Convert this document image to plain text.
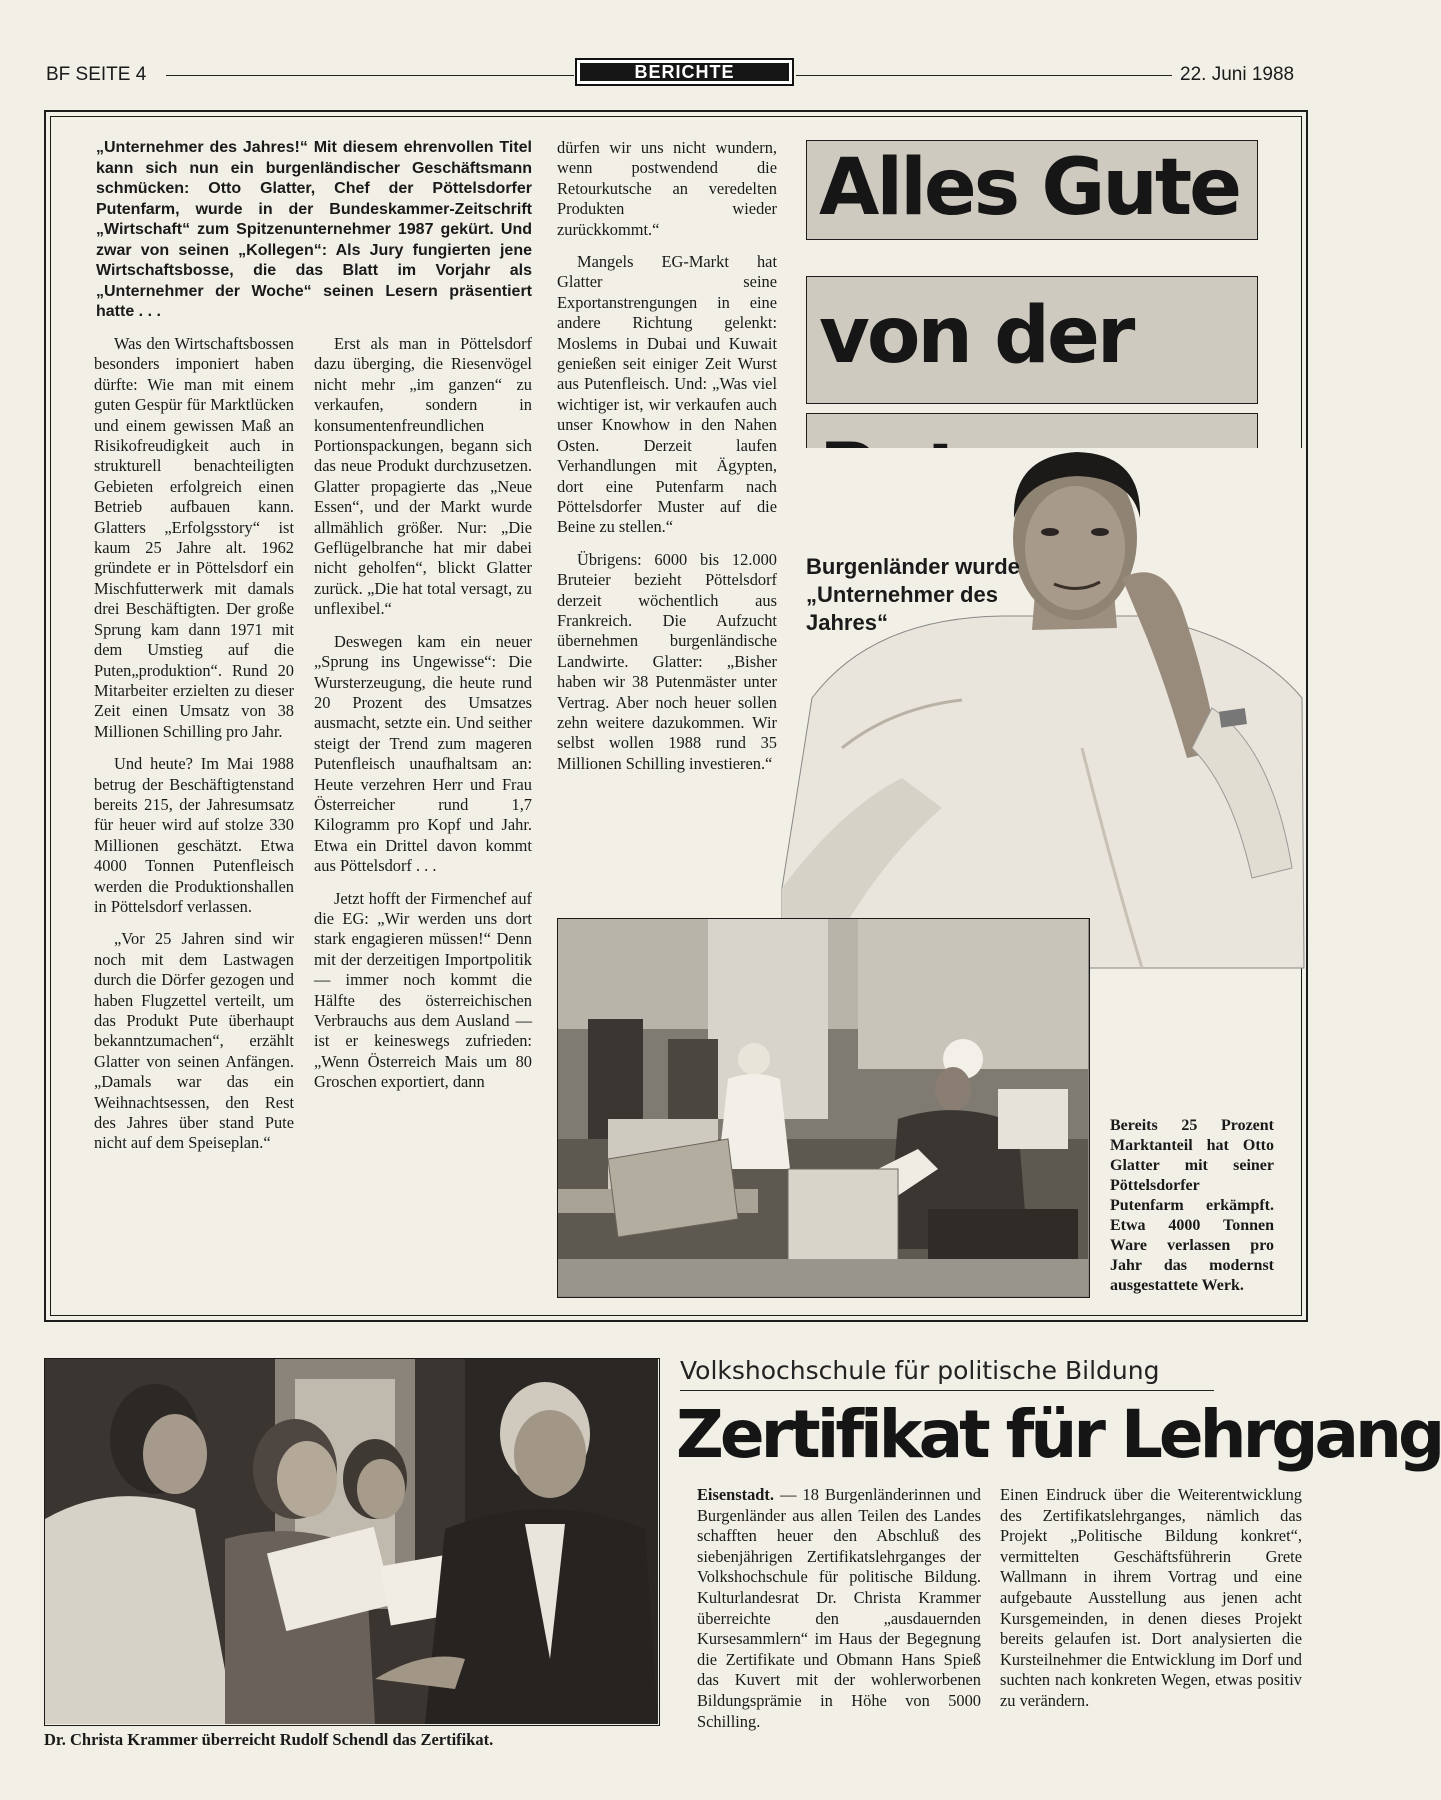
BF SEITE 4	BERICHTE	22. Juni 1988

„Unternehmer des Jahres!“ Mit diesem ehrenvollen Titel kann sich nun ein burgenländischer Geschäftsmann schmücken: Otto Glatter, Chef der Pöttelsdorfer Putenfarm, wurde in der Bundeskammer-Zeitschrift „Wirtschaft“ zum Spitzenunternehmer 1987 gekürt. Und zwar von seinen „Kollegen“: Als Jury fungierten jene Wirtschaftsbosse, die das Blatt im Vorjahr als „Unternehmer der Woche“ seinen Lesern präsentiert hatte . . .

Was den Wirtschaftsbossen besonders imponiert haben dürfte: Wie man mit einem guten Gespür für Marktlücken und einem gewissen Maß an Risikofreudigkeit auch in strukturell benachteiligten Gebieten erfolgreich einen Betrieb aufbauen kann. Glatters „Erfolgsstory“ ist kaum 25 Jahre alt. 1962 gründete er in Pöttelsdorf ein Mischfutterwerk mit damals drei Beschäftigten. Der große Sprung kam dann 1971 mit dem Umstieg auf die Puten„produktion“. Rund 20 Mitarbeiter erzielten zu dieser Zeit einen Umsatz von 38 Millionen Schilling pro Jahr.

Und heute? Im Mai 1988 betrug der Beschäftigtenstand bereits 215, der Jahresumsatz für heuer wird auf stolze 330 Millionen geschätzt. Etwa 4000 Tonnen Putenfleisch werden die Produktionshallen in Pöttelsdorf verlassen.

„Vor 25 Jahren sind wir noch mit dem Lastwagen durch die Dörfer gezogen und haben Flugzettel verteilt, um das Produkt Pute überhaupt bekanntzumachen“, erzählt Glatter von seinen Anfängen. „Damals war das ein Weihnachtsessen, den Rest des Jahres über stand Pute nicht auf dem Speiseplan.“

Erst als man in Pöttelsdorf dazu überging, die Riesenvögel nicht mehr „im ganzen“ zu verkaufen, sondern in konsumentenfreundlichen Portionspackungen, begann sich das neue Produkt durchzusetzen. Glatter propagierte das „Neue Essen“, und der Markt wurde allmählich größer. Nur: „Die Geflügelbranche hat mir dabei nicht geholfen“, blickt Glatter zurück. „Die hat total versagt, zu unflexibel.“

Deswegen kam ein neuer „Sprung ins Ungewisse“: Die Wursterzeugung, die heute rund 20 Prozent des Umsatzes ausmacht, setzte ein. Und seither steigt der Trend zum mageren Putenfleisch unaufhaltsam an: Heute verzehren Herr und Frau Österreicher rund 1,7 Kilogramm pro Kopf und Jahr. Etwa ein Drittel davon kommt aus Pöttelsdorf . . .

Jetzt hofft der Firmenchef auf die EG: „Wir werden uns dort stark engagieren müssen!“ Denn mit der derzeitigen Importpolitik — immer noch kommt die Hälfte des österreichischen Verbrauchs aus dem Ausland — ist er keineswegs zufrieden: „Wenn Österreich Mais um 80 Groschen exportiert, dann

dürfen wir uns nicht wundern, wenn postwendend die Retourkutsche an veredelten Produkten wieder zurückkommt.“

Mangels EG-Markt hat Glatter seine Exportanstrengungen in eine andere Richtung gelenkt: Moslems in Dubai und Kuwait genießen seit einiger Zeit Wurst aus Putenfleisch. Und: „Was viel wichtiger ist, wir verkaufen auch unser Knowhow in den Nahen Osten. Derzeit laufen Verhandlungen mit Ägypten, dort eine Putenfarm nach Pöttelsdorfer Muster auf die Beine zu stellen.“

Übrigens: 6000 bis 12.000 Bruteier bezieht Pöttelsdorf derzeit wöchentlich aus Frankreich. Die Aufzucht übernehmen burgenländische Landwirte. Glatter: „Bisher haben wir 38 Putenmäster unter Vertrag. Aber noch heuer sollen zehn weitere dazukommen. Wir selbst wollen 1988 rund 35 Millionen Schilling investieren.“

Alles Gute
von der

Burgenländer wurde „Unternehmer des Jahres“

Bereits 25 Prozent Marktanteil hat Otto Glatter mit seiner Pöttelsdorfer Putenfarm erkämpft. Etwa 4000 Tonnen Ware verlassen pro Jahr das modernst ausgestattete Werk.

Dr. Christa Krammer überreicht Rudolf Schendl das Zertifikat.

Volkshochschule für politische Bildung
Zertifikat für Lehrgang

Eisenstadt. — 18 Burgenländerinnen und Burgenländer aus allen Teilen des Landes schafften heuer den Abschluß des siebenjährigen Zertifikatslehrganges der Volkshochschule für politische Bildung. Kulturlandesrat Dr. Christa Krammer überreichte den „ausdauernden Kursesammlern“ im Haus der Begegnung die Zertifikate und Obmann Hans Spieß das Kuvert mit der wohlerworbenen Bildungsprämie in Höhe von 5000 Schilling.

Einen Eindruck über die Weiterentwicklung des Zertifikatslehrganges, nämlich das Projekt „Politische Bildung konkret“, vermittelten Geschäftsführerin Grete Wallmann in ihrem Vortrag und eine aufgebaute Ausstellung aus jenen acht Kursgemeinden, in denen dieses Projekt bereits gelaufen ist. Dort analysierten die Kursteilnehmer die Entwicklung im Dorf und suchten nach konkreten Wegen, etwas positiv zu verändern.
